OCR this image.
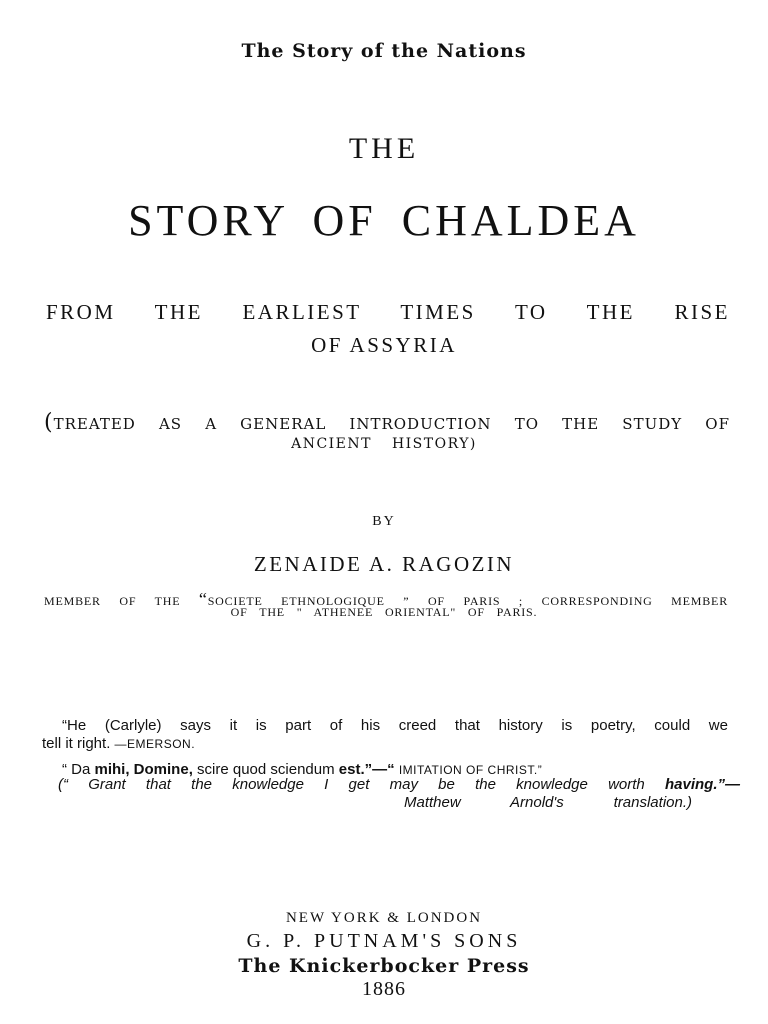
The Story of the Nations
THE
STORY OF CHALDEA
FROM THE EARLIEST TIMES TO THE RISE
OF ASSYRIA
(TREATED AS A GENERAL INTRODUCTION TO THE STUDY OF
ANCIENT HISTORY)
BY
ZENAIDE A. RAGOZIN
MEMBER OF THE “SOCIETE ETHNOLOGIQUE ” OF PARIS ; CORRESPONDING MEMBER
OF THE " ATHENEE ORIENTAL" OF PARIS.
“He (Carlyle) says it is part of his creed that history is poetry, could we
tell it right. —EMERSON.
“ Da mihi, Domine, scire quod sciendum est.”—“ IMITATION OF CHRIST.”
(“ Grant that the knowledge I get may be the knowledge worth having.”—
Matthew Arnold's translation.)
NEW YORK & LONDON
G. P. PUTNAM'S SONS
The Knickerbocker Press
1886
